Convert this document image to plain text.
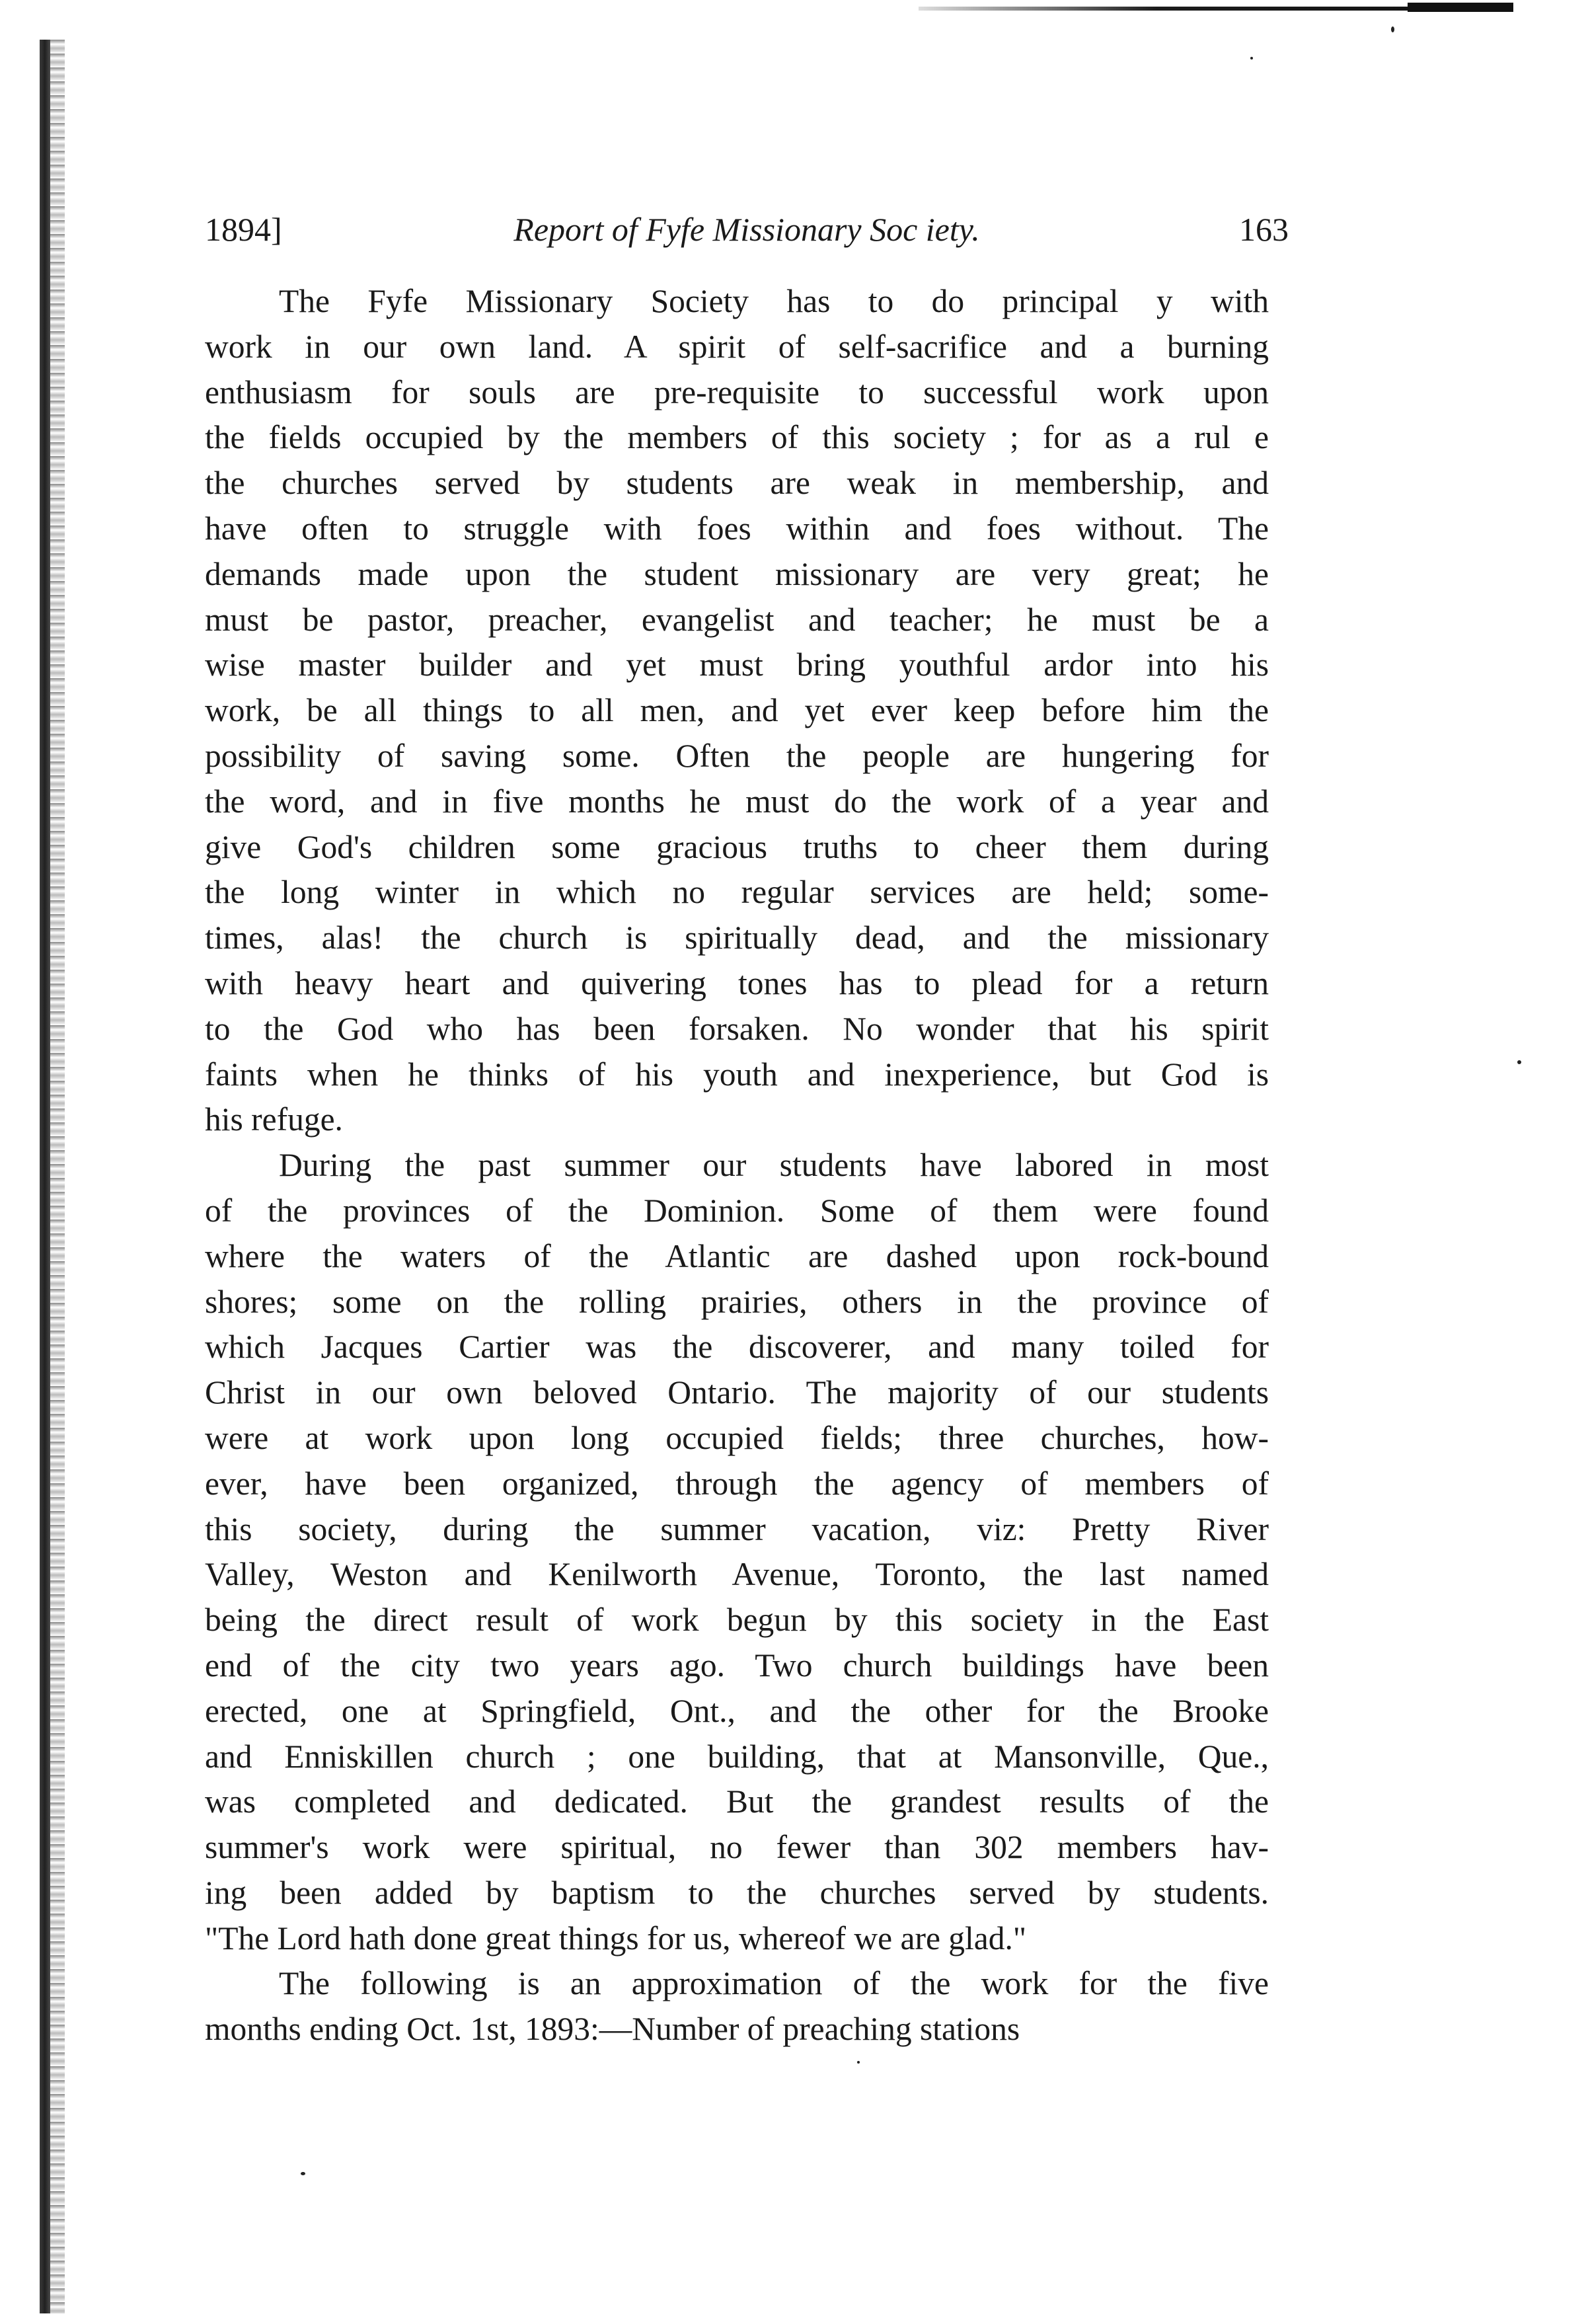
1894]	Report of Fyfe Missionary Soc iety.	163
The Fyfe Missionary Society has to do principal y with
work in our own land. A spirit of self-sacrifice and a burning
enthusiasm for souls are pre-requisite to successful work upon
the fields occupied by the members of this society ; for as a rul e
the churches served by students are weak in membership, and
have often to struggle with foes within and foes without. The
demands made upon the student missionary are very great; he
must be pastor, preacher, evangelist and teacher; he must be a
wise master builder and yet must bring youthful ardor into his
work, be all things to all men, and yet ever keep before him the
possibility of saving some. Often the people are hungering for
the word, and in five months he must do the work of a year and
give God's children some gracious truths to cheer them during
the long winter in which no regular services are held; some-
times, alas! the church is spiritually dead, and the missionary
with heavy heart and quivering tones has to plead for a return
to the God who has been forsaken. No wonder that his spirit
faints when he thinks of his youth and inexperience, but God is
his refuge.
During the past summer our students have labored in most
of the provinces of the Dominion. Some of them were found
where the waters of the Atlantic are dashed upon rock-bound
shores; some on the rolling prairies, others in the province of
which Jacques Cartier was the discoverer, and many toiled for
Christ in our own beloved Ontario. The majority of our students
were at work upon long occupied fields; three churches, how-
ever, have been organized, through the agency of members of
this society, during the summer vacation, viz: Pretty River
Valley, Weston and Kenilworth Avenue, Toronto, the last named
being the direct result of work begun by this society in the East
end of the city two years ago. Two church buildings have been
erected, one at Springfield, Ont., and the other for the Brooke
and Enniskillen church ; one building, that at Mansonville, Que.,
was completed and dedicated. But the grandest results of the
summer's work were spiritual, no fewer than 302 members hav-
ing been added by baptism to the churches served by students.
"The Lord hath done great things for us, whereof we are glad."
The following is an approximation of the work for the five
months ending Oct. 1st, 1893:—Number of preaching stations
